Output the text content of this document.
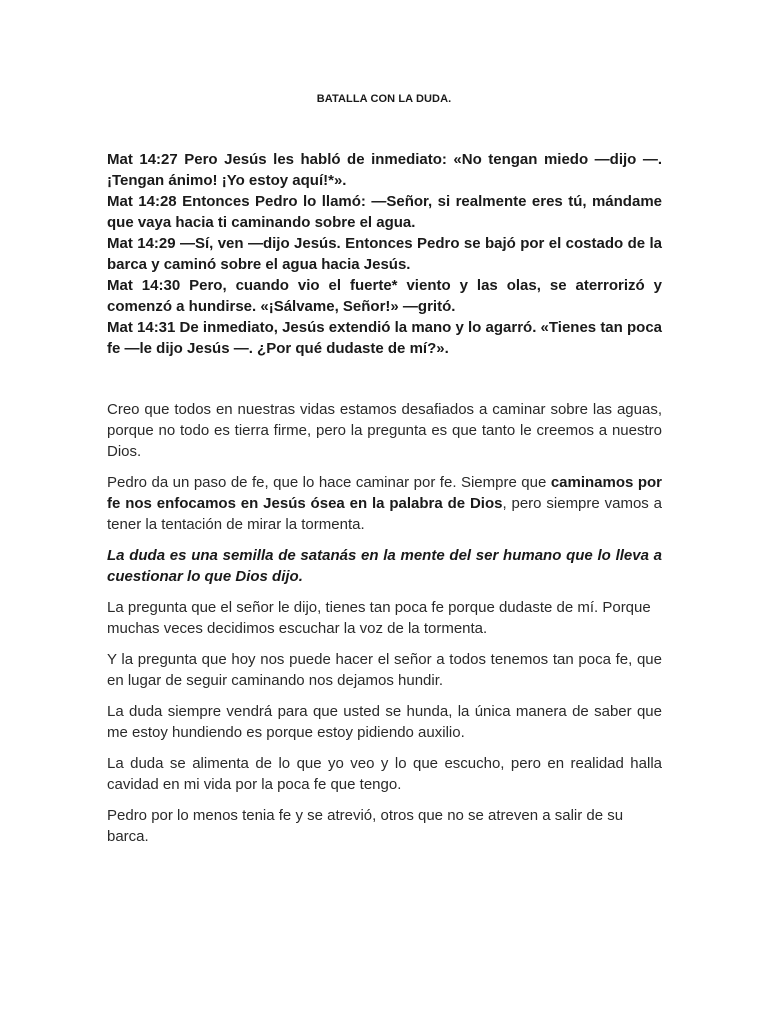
BATALLA CON LA DUDA.

Mat 14:27 Pero Jesús les habló de inmediato: «No tengan miedo —dijo —. ¡Tengan ánimo! ¡Yo estoy aquí!*».

Mat 14:28 Entonces Pedro lo llamó: —Señor, si realmente eres tú, mándame que vaya hacia ti caminando sobre el agua.

Mat 14:29 —Sí, ven —dijo Jesús. Entonces Pedro se bajó por el costado de la barca y caminó sobre el agua hacia Jesús.

Mat 14:30 Pero, cuando vio el fuerte* viento y las olas, se aterrorizó y comenzó a hundirse. «¡Sálvame, Señor!» —gritó.

Mat 14:31 De inmediato, Jesús extendió la mano y lo agarró. «Tienes tan poca fe —le dijo Jesús —. ¿Por qué dudaste de mí?».

Creo que todos en nuestras vidas estamos desafiados a caminar sobre las aguas, porque no todo es tierra firme, pero la pregunta es que tanto le creemos a nuestro Dios.

Pedro da un paso de fe, que lo hace caminar por fe. Siempre que caminamos por fe nos enfocamos en Jesús ósea en la palabra de Dios, pero siempre vamos a tener la tentación de mirar la tormenta.

La duda es una semilla de satanás en la mente del ser humano que lo lleva a cuestionar lo que Dios dijo.

La pregunta que el señor le dijo, tienes tan poca fe porque dudaste de mí. Porque muchas veces decidimos escuchar la voz de la tormenta.

Y la pregunta que hoy nos puede hacer el señor a todos tenemos tan poca fe, que en lugar de seguir caminando nos dejamos hundir.

La duda siempre vendrá para que usted se hunda, la única manera de saber que me estoy hundiendo es porque estoy pidiendo auxilio.

La duda se alimenta de lo que yo veo y lo que escucho, pero en realidad halla cavidad en mi vida por la poca fe que tengo.

Pedro por lo menos tenia fe y se atrevió, otros que no se atreven a salir de su barca.
